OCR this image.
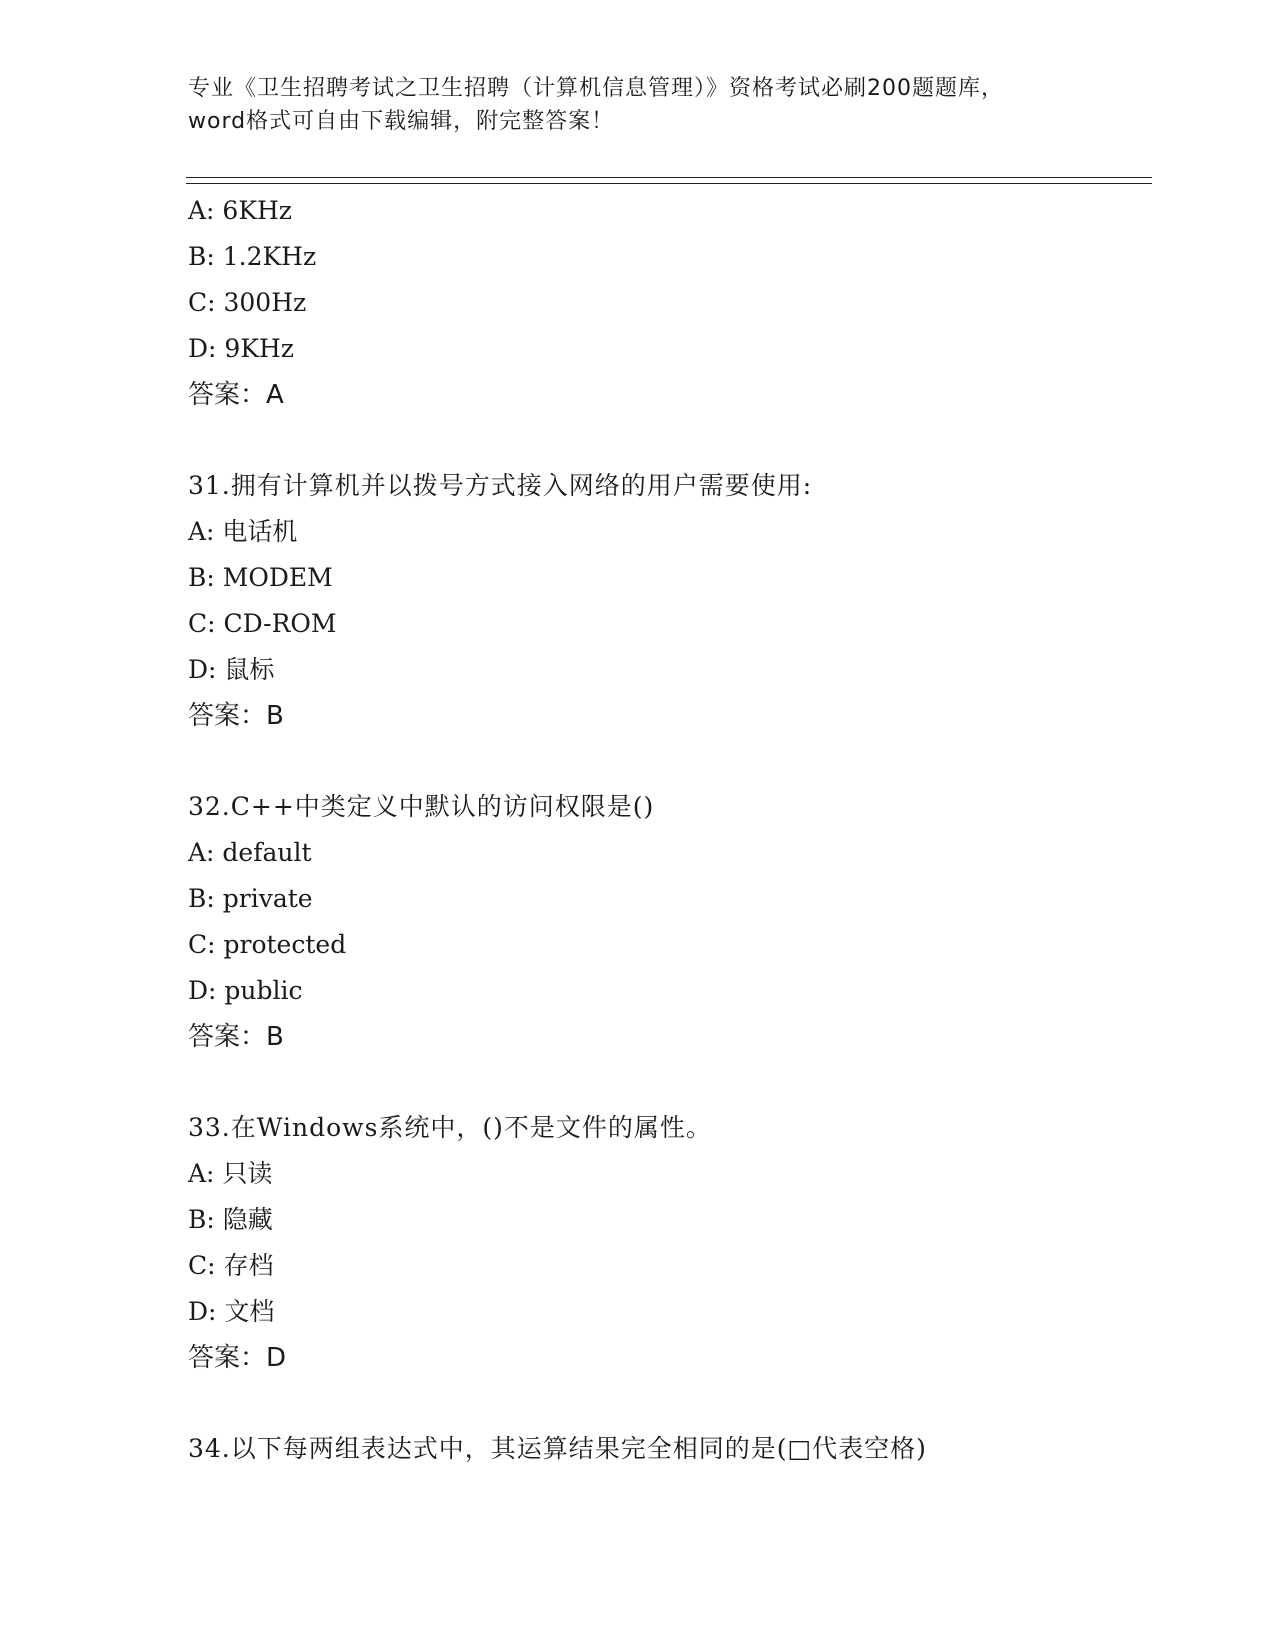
专业《卫生招聘考试之卫生招聘（计算机信息管理）》资格考试必刷200题题库，
word格式可自由下载编辑，附完整答案！
A: 6KHz
B: 1.2KHz
C: 300Hz
D: 9KHz
答案：A
31.拥有计算机并以拨号方式接入网络的用户需要使用:
A: 电话机
B: MODEM
C: CD-ROM
D: 鼠标
答案：B
32.C++中类定义中默认的访问权限是()
A: default
B: private
C: protected
D: public
答案：B
33.在Windows系统中，()不是文件的属性。
A: 只读
B: 隐藏
C: 存档
D: 文档
答案：D
34.以下每两组表达式中，其运算结果完全相同的是(□代表空格)
